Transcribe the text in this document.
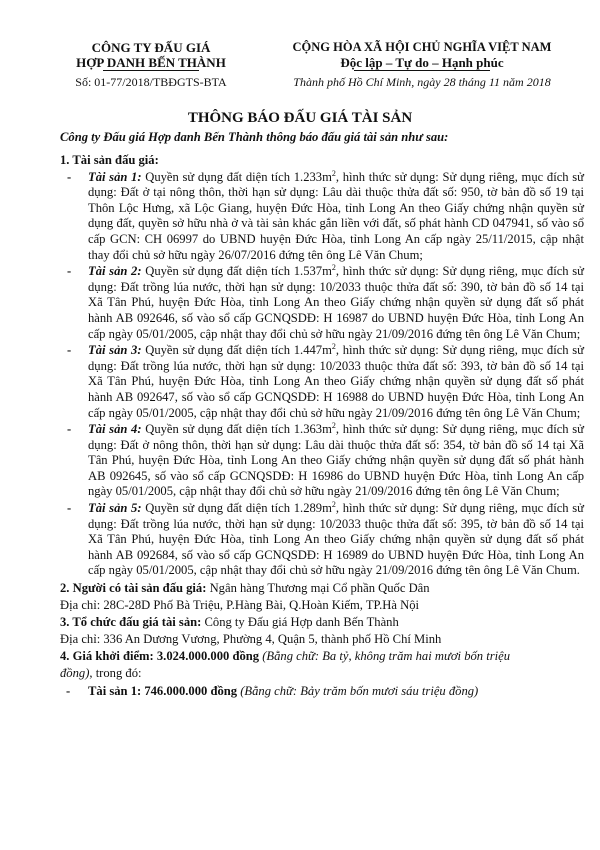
CÔNG TY ĐẤU GIÁ
HỢP DANH BẾN THÀNH
Số: 01-77/2018/TBĐGTS-BTA
CỘNG HÒA XÃ HỘI CHỦ NGHĨA VIỆT NAM
Độc lập – Tự do – Hạnh phúc
Thành phố Hồ Chí Minh, ngày 28 tháng 11 năm 2018
THÔNG BÁO ĐẤU GIÁ TÀI SẢN
Công ty Đấu giá Hợp danh Bến Thành thông báo đấu giá tài sản như sau:
1. Tài sản đấu giá:
- Tài sản 1: Quyền sử dụng đất diện tích $1.233m^2$, hình thức sử dụng: Sử dụng riêng, mục đích sử dụng: Đất ở tại nông thôn, thời hạn sử dụng: Lâu dài thuộc thửa đất số: 950, tờ bản đồ số 19 tại Thôn Lộc Hưng, xã Lộc Giang, huyện Đức Hòa, tỉnh Long An theo Giấy chứng nhận quyền sử dụng đất, quyền sở hữu nhà ở và tài sản khác gắn liền với đất, số phát hành CD 047941, số vào sổ cấp GCN: CH 06997 do UBND huyện Đức Hòa, tỉnh Long An cấp ngày 25/11/2015, cập nhật thay đổi chủ sở hữu ngày 26/07/2016 đứng tên ông Lê Văn Chum;
- Tài sản 2: Quyền sử dụng đất diện tích $1.537m^2$, hình thức sử dụng: Sử dụng riêng, mục đích sử dụng: Đất trồng lúa nước, thời hạn sử dụng: 10/2033 thuộc thửa đất số: 390, tờ bản đồ số 14 tại Xã Tân Phú, huyện Đức Hòa, tỉnh Long An theo Giấy chứng nhận quyền sử dụng đất số phát hành AB 092646, số vào sổ cấp GCNQSDĐ: H 16987 do UBND huyện Đức Hòa, tỉnh Long An cấp ngày 05/01/2005, cập nhật thay đổi chủ sở hữu ngày 21/09/2016 đứng tên ông Lê Văn Chum;
- Tài sản 3: Quyền sử dụng đất diện tích $1.447m^2$, hình thức sử dụng: Sử dụng riêng, mục đích sử dụng: Đất trồng lúa nước, thời hạn sử dụng: 10/2033 thuộc thửa đất số: 393, tờ bản đồ số 14 tại Xã Tân Phú, huyện Đức Hòa, tỉnh Long An theo Giấy chứng nhận quyền sử dụng đất số phát hành AB 092647, số vào sổ cấp GCNQSDĐ: H 16988 do UBND huyện Đức Hòa, tỉnh Long An cấp ngày 05/01/2005, cập nhật thay đổi chủ sở hữu ngày 21/09/2016 đứng tên ông Lê Văn Chum;
- Tài sản 4: Quyền sử dụng đất diện tích $1.363m^2$, hình thức sử dụng: Sử dụng riêng, mục đích sử dụng: Đất ở nông thôn, thời hạn sử dụng: Lâu dài thuộc thửa đất số: 354, tờ bản đồ số 14 tại Xã Tân Phú, huyện Đức Hòa, tỉnh Long An theo Giấy chứng nhận quyền sử dụng đất số phát hành AB 092645, số vào sổ cấp GCNQSDĐ: H 16986 do UBND huyện Đức Hòa, tỉnh Long An cấp ngày 05/01/2005, cập nhật thay đổi chủ sở hữu ngày 21/09/2016 đứng tên ông Lê Văn Chum;
- Tài sản 5: Quyền sử dụng đất diện tích $1.289m^2$, hình thức sử dụng: Sử dụng riêng, mục đích sử dụng: Đất trồng lúa nước, thời hạn sử dụng: 10/2033 thuộc thửa đất số: 395, tờ bản đồ số 14 tại Xã Tân Phú, huyện Đức Hòa, tỉnh Long An theo Giấy chứng nhận quyền sử dụng đất số phát hành AB 092684, số vào sổ cấp GCNQSDĐ: H 16989 do UBND huyện Đức Hòa, tỉnh Long An cấp ngày 05/01/2005, cập nhật thay đổi chủ sở hữu ngày 21/09/2016 đứng tên ông Lê Văn Chum.
2. Người có tài sản đấu giá: Ngân hàng Thương mại Cổ phần Quốc Dân
Địa chỉ: 28C-28D Phố Bà Triệu, P.Hàng Bài, Q.Hoàn Kiếm, TP.Hà Nội
3. Tổ chức đấu giá tài sản: Công ty Đấu giá Hợp danh Bến Thành
Địa chỉ: 336 An Dương Vương, Phường 4, Quận 5, thành phố Hồ Chí Minh
4. Giá khởi điểm: 3.024.000.000 đồng (Bằng chữ: Ba tỷ, không trăm hai mươi bốn triệu
đồng), trong đó:
- Tài sản 1: 746.000.000 đồng (Bằng chữ: Bảy trăm bốn mươi sáu triệu đồng)
